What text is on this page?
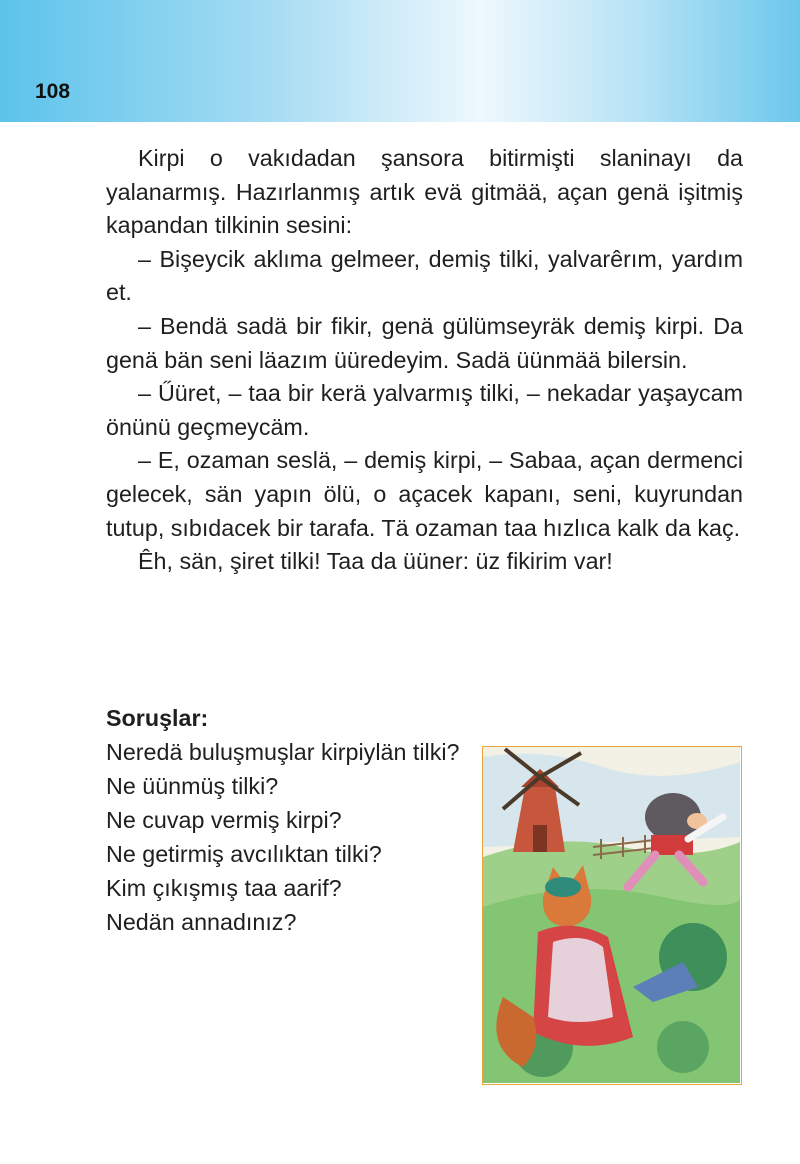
108

Kirpi o vakıdadan şansora bitirmişti slaninayı da yalanarmış. Hazırlanmış artık evä gitmää, açan genä işitmiş kapandan tilkinin sesini:

– Bişeycik aklıma gelmeer, demiş tilki, yalvarêrım, yardım et.

– Bendä sadä bir fikir, genä gülümseyräk demiş kirpi. Da genä bän seni läazım üüredeyim. Sadä üünmää bilersin.

– Űüret, – taa bir kerä yalvarmış tilki, – nekadar yaşaycam önünü geçmeycäm.

– E, ozaman seslä, – demiş kirpi, – Sabaa, açan dermenci gelecek, sän yapın ölü, o açacek kapanı, seni, kuyrundan tutup, sıbıdacek bir tarafa. Tä ozaman taa hızlıca kalk da kaç.

Êh, sän, şiret tilki! Taa da üüner: üz fikirim var!

Soruşlar:
Neredä buluşmuşlar kirpiylän tilki?
Ne üünmüş tilki?
Ne cuvap vermiş kirpi?
Ne getirmiş avcılıktan tilki?
Kim çıkışmış taa aarif?
Nedän annadınız?
